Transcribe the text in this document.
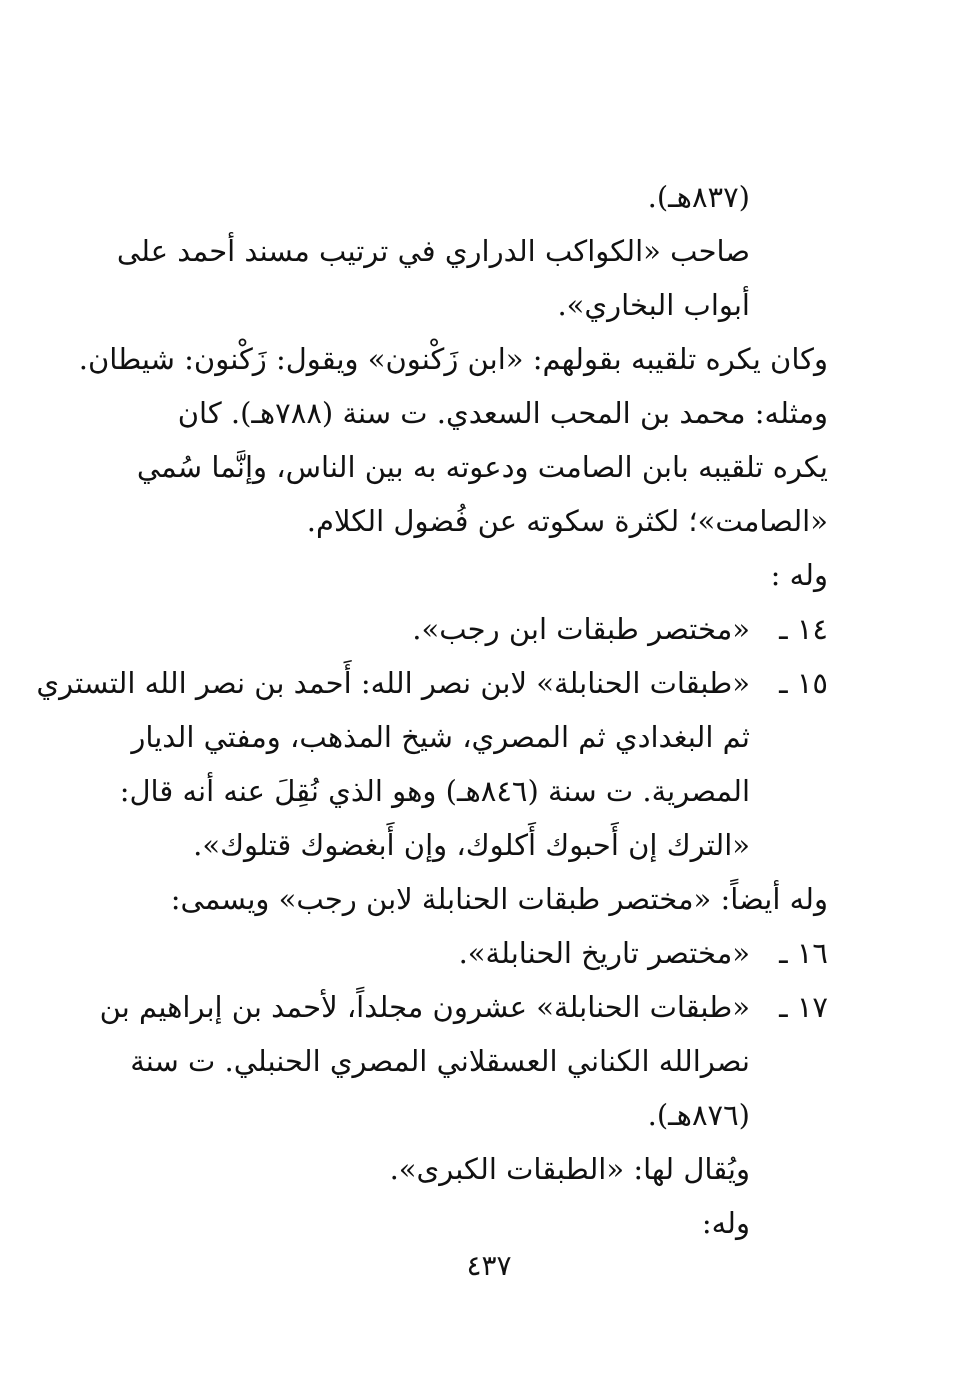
(٨٣٧هـ).
صاحب «الكواكب الدراري في ترتيب مسند أحمد على
أبواب البخاري».
وكان يكره تلقيبه بقولهم: «ابن زَكْنون» ويقول: زَكْنون: شيطان.
ومثله: محمد بن المحب السعدي. ت سنة (٧٨٨هـ). كان
يكره تلقيبه بابن الصامت ودعوته به بين الناس، وإنَّما سُمي
«الصامت»؛ لكثرة سكوته عن فُضول الكلام.
وله :
١٤ ـ
«مختصر طبقات ابن رجب».
١٥ ـ
«طبقات الحنابلة» لابن نصر الله: أَحمد بن نصر الله التستري
ثم البغدادي ثم المصري، شيخ المذهب، ومفتي الديار
المصرية. ت سنة (٨٤٦هـ) وهو الذي نُقِلَ عنه أنه قال:
«الترك إن أَحبوك أَكلوك، وإن أَبغضوك قتلوك».
وله أيضاً: «مختصر طبقات الحنابلة لابن رجب» ويسمى:
١٦ ـ
«مختصر تاريخ الحنابلة».
١٧ ـ
«طبقات الحنابلة» عشرون مجلداً، لأحمد بن إبراهيم بن
نصرالله الكناني العسقلاني المصري الحنبلي. ت سنة
(٨٧٦هـ).
ويُقال لها: «الطبقات الكبرى».
وله:
٤٣٧
